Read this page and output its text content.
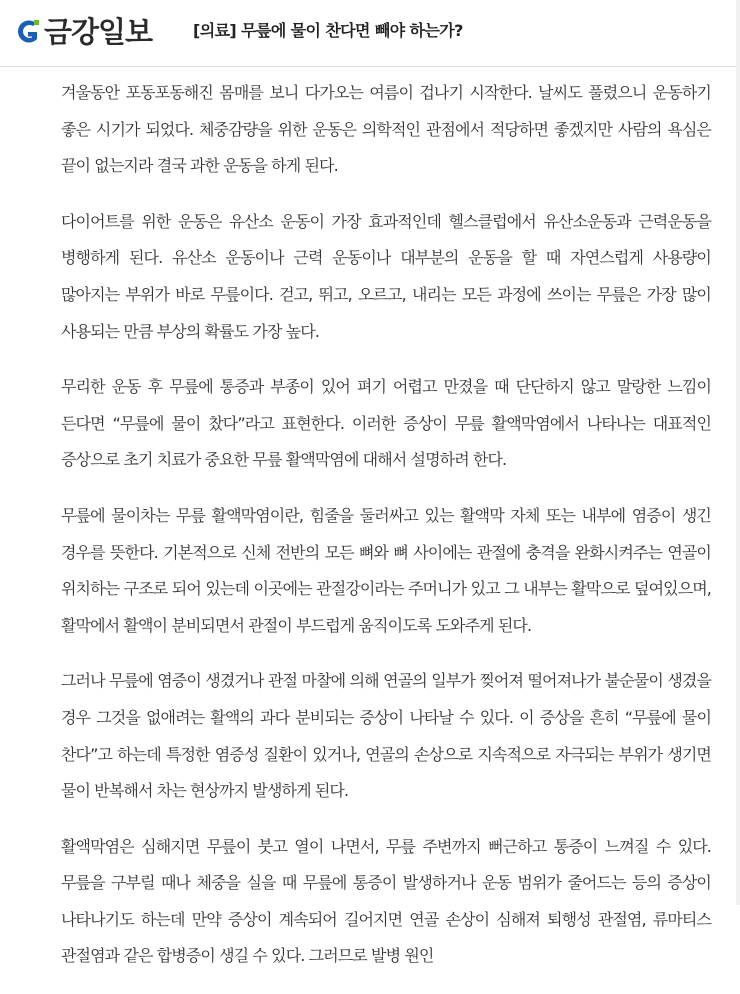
금강일보	[의료] 무릎에 물이 찬다면 빼야 하는가?

겨울동안 포동포동해진 몸매를 보니 다가오는 여름이 겁나기 시작한다. 날씨도 풀렸으니 운동하기 좋은 시기가 되었다. 체중감량을 위한 운동은 의학적인 관점에서 적당하면 좋겠지만 사람의 욕심은 끝이 없는지라 결국 과한 운동을 하게 된다.

다이어트를 위한 운동은 유산소 운동이 가장 효과적인데 헬스클럽에서 유산소운동과 근력운동을 병행하게 된다. 유산소 운동이나 근력 운동이나 대부분의 운동을 할 때 자연스럽게 사용량이 많아지는 부위가 바로 무릎이다. 걷고, 뛰고, 오르고, 내리는 모든 과정에 쓰이는 무릎은 가장 많이 사용되는 만큼 부상의 확률도 가장 높다.

무리한 운동 후 무릎에 통증과 부종이 있어 펴기 어렵고 만졌을 때 단단하지 않고 말랑한 느낌이 든다면 “무릎에 물이 찼다”라고 표현한다. 이러한 증상이 무릎 활액막염에서 나타나는 대표적인 증상으로 초기 치료가 중요한 무릎 활액막염에 대해서 설명하려 한다.

무릎에 물이차는 무릎 활액막염이란, 힘줄을 둘러싸고 있는 활액막 자체 또는 내부에 염증이 생긴 경우를 뜻한다. 기본적으로 신체 전반의 모든 뼈와 뼈 사이에는 관절에 충격을 완화시켜주는 연골이 위치하는 구조로 되어 있는데 이곳에는 관절강이라는 주머니가 있고 그 내부는 활막으로 덮여있으며, 활막에서 활액이 분비되면서 관절이 부드럽게 움직이도록 도와주게 된다.

그러나 무릎에 염증이 생겼거나 관절 마찰에 의해 연골의 일부가 찢어져 떨어져나가 불순물이 생겼을 경우 그것을 없애려는 활액의 과다 분비되는 증상이 나타날 수 있다. 이 증상을 흔히 “무릎에 물이 찬다”고 하는데 특정한 염증성 질환이 있거나, 연골의 손상으로 지속적으로 자극되는 부위가 생기면 물이 반복해서 차는 현상까지 발생하게 된다.

활액막염은 심해지면 무릎이 붓고 열이 나면서, 무릎 주변까지 뻐근하고 통증이 느껴질 수 있다. 무릎을 구부릴 때나 체중을 실을 때 무릎에 통증이 발생하거나 운동 범위가 줄어드는 등의 증상이 나타나기도 하는데 만약 증상이 계속되어 길어지면 연골 손상이 심해져 퇴행성 관절염, 류마티스 관절염과 같은 합병증이 생길 수 있다. 그러므로 발병 원인
